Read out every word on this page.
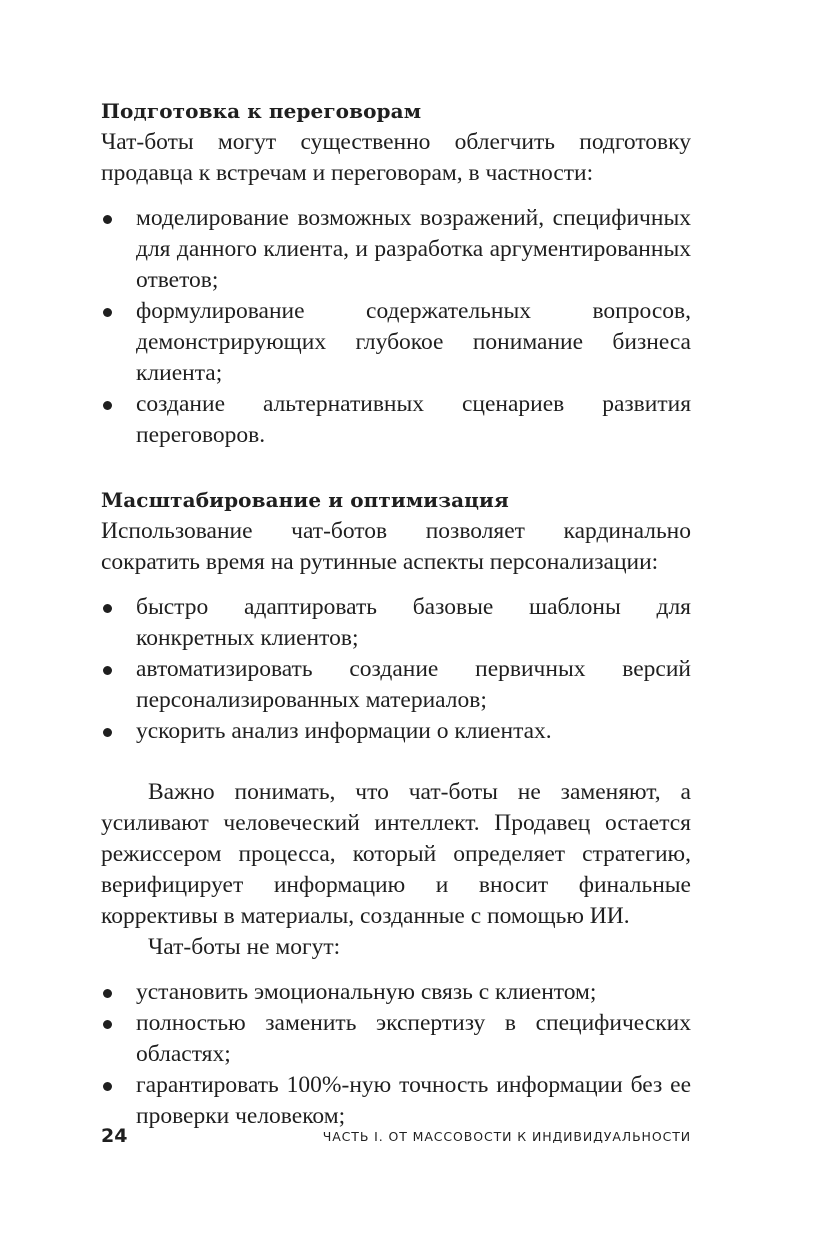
Подготовка к переговорам

Чат-боты могут существенно облегчить подготовку продавца к встречам и переговорам, в частности:

моделирование возможных возражений, специфичных для данного клиента, и разработка аргументированных ответов;
формулирование содержательных вопросов, демонстрирующих глубокое понимание бизнеса клиента;
создание альтернативных сценариев развития переговоров.
Масштабирование и оптимизация

Использование чат-ботов позволяет кардинально сократить время на рутинные аспекты персонализации:

быстро адаптировать базовые шаблоны для конкретных клиентов;
автоматизировать создание первичных версий персонализированных материалов;
ускорить анализ информации о клиентах.

Важно понимать, что чат-боты не заменяют, а усиливают человеческий интеллект. Продавец остается режиссером процесса, который определяет стратегию, верифицирует информацию и вносит финальные коррективы в материалы, созданные с помощью ИИ.

Чат-боты не могут:

установить эмоциональную связь с клиентом;
полностью заменить экспертизу в специфических областях;
гарантировать 100%-ную точность информации без ее проверки человеком;
24	ЧАСТЬ I. ОТ МАССОВОСТИ К ИНДИВИДУАЛЬНОСТИ
